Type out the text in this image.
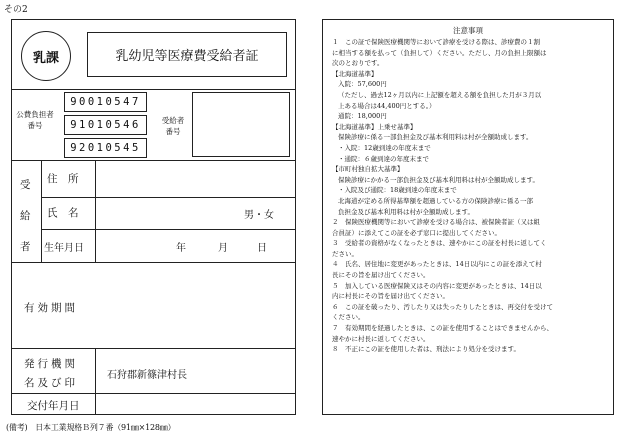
その2
乳課	乳幼児等医療費受給者証
公費負担者
番号
90010547
91010546
92010545
受給者
番号
受
給
者
住　所
氏　名	男・女
生年月日	年	月	日
有効期間
発行機関
名及び印
石狩郡新篠津村長
交付年月日
(備考)　日本工業規格Ｂ列７番（91㎜×128㎜）
注意事項

１　この証で保険医療機関等において診療を受ける際は、診療費の１割

に相当する額を払って（負担して）ください。ただし、月の負担上限額は

次のとおりです。

【北海道基準】

入院：57,600円

（ただし、過去12ヶ月以内に上記額を超える額を負担した月が３月以

上ある場合は44,400円とする。）

通院：18,000円

【北海道基準】上乗せ基準】

保険診療に係る一部負担金及び基本利用料は村が全額助成します。

・入院：12歳到達の年度末まで

・通院：６歳到達の年度末まで

【市町村独自拡大基準】

保険診療にかかる一部負担金及び基本利用料は村が全額助成します。

・入院及び通院：18歳到達の年度末まで

北海道が定める所得基準額を超過している方の保険診療に係る一部

負担金及び基本利用料は村が全額助成します。

２　保険医療機関等において診療を受ける場合は、被保険者証（又は組

合員証）に添えてこの証を必ず窓口に提出してください。

３　受給者の資格がなくなったときは、速やかにこの証を村長に返してく

ださい。

４　氏名、居住地に変更があったときは、14日以内にこの証を添えて村

長にその旨を届け出てください。

５　加入している医療保険又はその内容に変更があったときは、14日以

内に村長にその旨を届け出てください。

６　この証を破ったり、汚したり又は失ったりしたときは、再交付を受けて

ください。

７　有効期間を経過したときは、この証を使用することはできませんから、

速やかに村長に返してください。

８　不正にこの証を使用した者は、刑法により処分を受けます。
